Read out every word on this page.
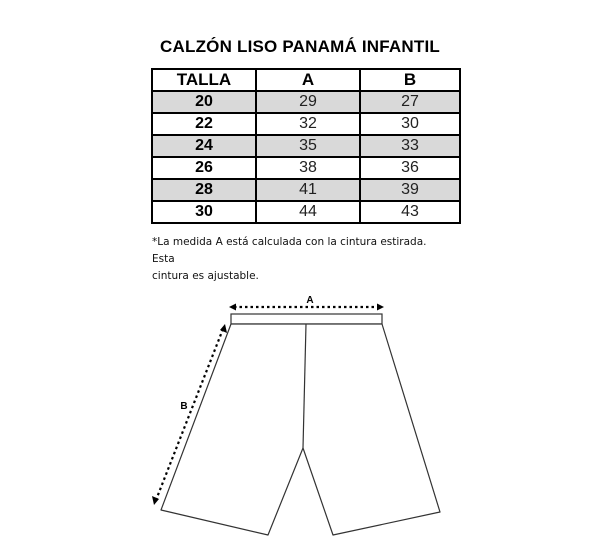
CALZÓN LISO PANAMÁ INFANTIL
TALLA	A	B
20	29	27
22	32	30
24	35	33
26	38	36
28	41	39
30	44	43
*La medida A está calculada con la cintura estirada. Esta
cintura es ajustable.
A
B
